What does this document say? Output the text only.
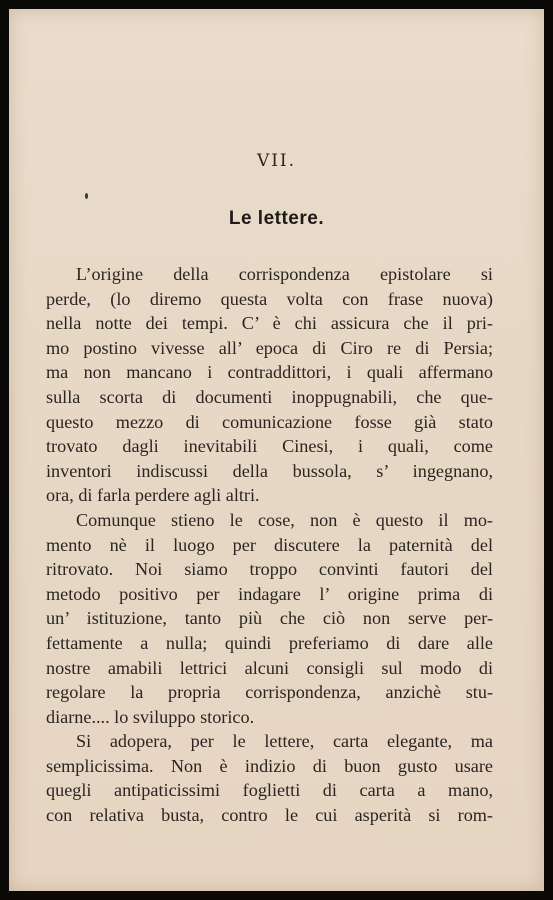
VII.
Le lettere.
L’origine della corrispondenza epistolare si
perde, (lo diremo questa volta con frase nuova)
nella notte dei tempi. C’ è chi assicura che il pri-
mo postino vivesse all’ epoca di Ciro re di Persia;
ma non mancano i contraddittori, i quali affermano
sulla scorta di documenti inoppugnabili, che que-
questo mezzo di comunicazione fosse già stato
trovato dagli inevitabili Cinesi, i quali, come
inventori indiscussi della bussola, s’ ingegnano,
ora, di farla perdere agli altri.
Comunque stieno le cose, non è questo il mo-
mento nè il luogo per discutere la paternità del
ritrovato. Noi siamo troppo convinti fautori del
metodo positivo per indagare l’ origine prima di
un’ istituzione, tanto più che ciò non serve per-
fettamente a nulla; quindi preferiamo di dare alle
nostre amabili lettrici alcuni consigli sul modo di
regolare la propria corrispondenza, anzichè stu-
diarne.... lo sviluppo storico.
Si adopera, per le lettere, carta elegante, ma
semplicissima. Non è indizio di buon gusto usare
quegli antipaticissimi foglietti di carta a mano,
con relativa busta, contro le cui asperità si rom-
